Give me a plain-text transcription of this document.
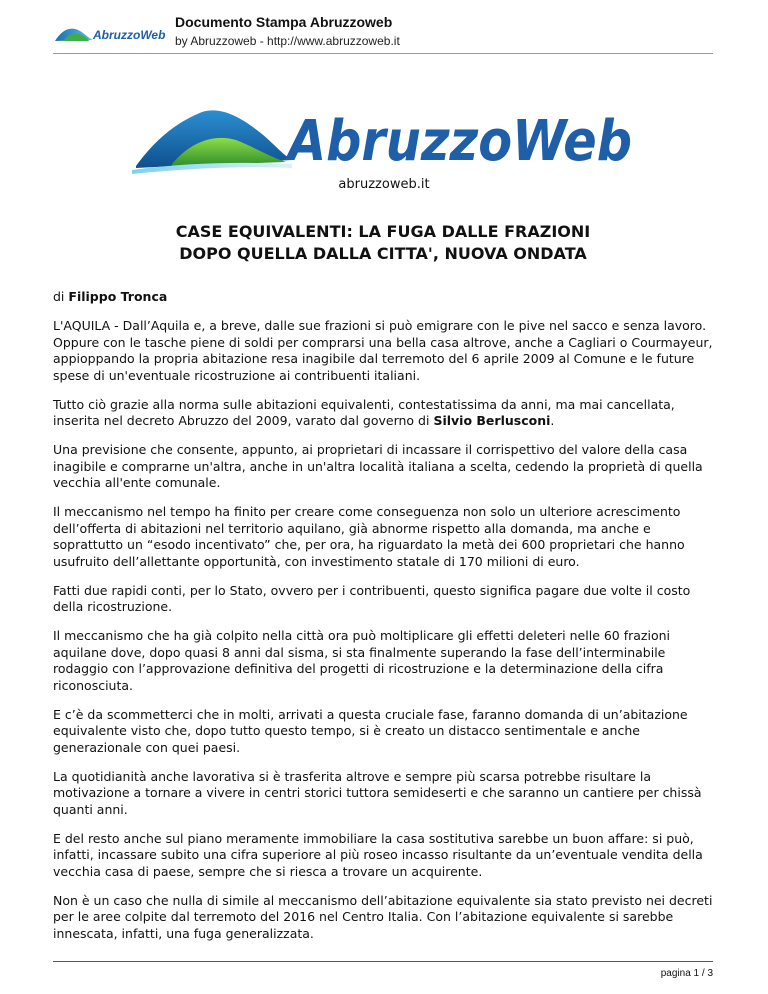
AbruzzoWeb
Documento Stampa Abruzzoweb
by Abruzzoweb - http://www.abruzzoweb.it
AbruzzoWeb
abruzzoweb.it
CASE EQUIVALENTI: LA FUGA DALLE FRAZIONI
DOPO QUELLA DALLA CITTA', NUOVA ONDATA

di Filippo Tronca

L'AQUILA - Dall’Aquila e, a breve, dalle sue frazioni si può emigrare con le pive nel sacco e senza lavoro. Oppure con le tasche piene di soldi per comprarsi una bella casa altrove, anche a Cagliari o Courmayeur, appioppando la propria abitazione resa inagibile dal terremoto del 6 aprile 2009 al Comune e le future spese di un'eventuale ricostruzione ai contribuenti italiani.

Tutto ciò grazie alla norma sulle abitazioni equivalenti, contestatissima da anni, ma mai cancellata, inserita nel decreto Abruzzo del 2009, varato dal governo di Silvio Berlusconi.

Una previsione che consente, appunto, ai proprietari di incassare il corrispettivo del valore della casa inagibile e comprarne un'altra, anche in un'altra località italiana a scelta, cedendo la proprietà di quella vecchia all'ente comunale.

Il meccanismo nel tempo ha finito per creare come conseguenza non solo un ulteriore acrescimento dell’offerta di abitazioni nel territorio aquilano, già abnorme rispetto alla domanda, ma anche e soprattutto un “esodo incentivato” che, per ora, ha riguardato la metà dei 600 proprietari che hanno usufruito dell’allettante opportunità, con investimento statale di 170 milioni di euro.

Fatti due rapidi conti, per lo Stato, ovvero per i contribuenti, questo significa pagare due volte il costo della ricostruzione.

Il meccanismo che ha già colpito nella città ora può moltiplicare gli effetti deleteri nelle 60 frazioni aquilane dove, dopo quasi 8 anni dal sisma, si sta finalmente superando la fase dell’interminabile rodaggio con l’approvazione definitiva del progetti di ricostruzione e la determinazione della cifra riconosciuta.

E c’è da scommetterci che in molti, arrivati a questa cruciale fase, faranno domanda di un’abitazione equivalente visto che, dopo tutto questo tempo, si è creato un distacco sentimentale e anche generazionale con quei paesi.

La quotidianità anche lavorativa si è trasferita altrove e sempre più scarsa potrebbe risultare la motivazione a tornare a vivere in centri storici tuttora semideserti e che saranno un cantiere per chissà quanti anni.

E del resto anche sul piano meramente immobiliare la casa sostitutiva sarebbe un buon affare: si può, infatti, incassare subito una cifra superiore al più roseo incasso risultante da un’eventuale vendita della vecchia casa di paese, sempre che si riesca a trovare un acquirente.

Non è un caso che nulla di simile al meccanismo dell’abitazione equivalente sia stato previsto nei decreti per le aree colpite dal terremoto del 2016 nel Centro Italia. Con l’abitazione equivalente si sarebbe innescata, infatti, una fuga generalizzata.

pagina 1 / 3
